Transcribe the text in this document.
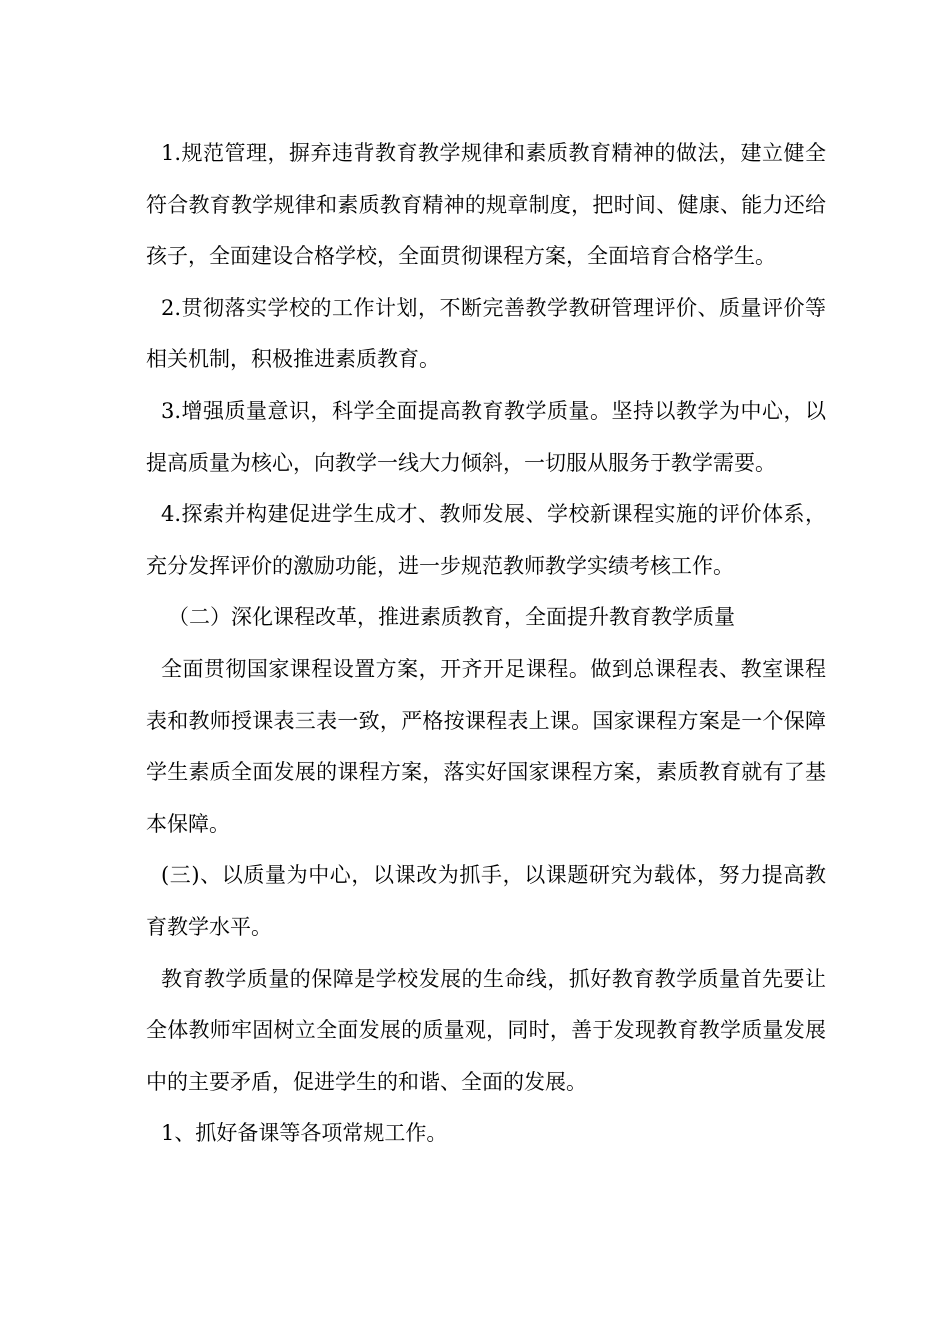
1.规范管理，摒弃违背教育教学规律和素质教育精神的做法，建立健全符合教育教学规律和素质教育精神的规章制度，把时间、健康、能力还给孩子，全面建设合格学校，全面贯彻课程方案，全面培育合格学生。

2.贯彻落实学校的工作计划，不断完善教学教研管理评价、质量评价等相关机制，积极推进素质教育。

3.增强质量意识，科学全面提高教育教学质量。坚持以教学为中心，以提高质量为核心，向教学一线大力倾斜，一切服从服务于教学需要。

4.探索并构建促进学生成才、教师发展、学校新课程实施的评价体系，充分发挥评价的激励功能，进一步规范教师教学实绩考核工作。

（二）深化课程改革，推进素质教育，全面提升教育教学质量

全面贯彻国家课程设置方案，开齐开足课程。做到总课程表、教室课程表和教师授课表三表一致，严格按课程表上课。国家课程方案是一个保障学生素质全面发展的课程方案，落实好国家课程方案，素质教育就有了基本保障。

(三)、以质量为中心，以课改为抓手，以课题研究为载体，努力提高教育教学水平。

教育教学质量的保障是学校发展的生命线，抓好教育教学质量首先要让全体教师牢固树立全面发展的质量观，同时，善于发现教育教学质量发展中的主要矛盾，促进学生的和谐、全面的发展。

1、抓好备课等各项常规工作。
